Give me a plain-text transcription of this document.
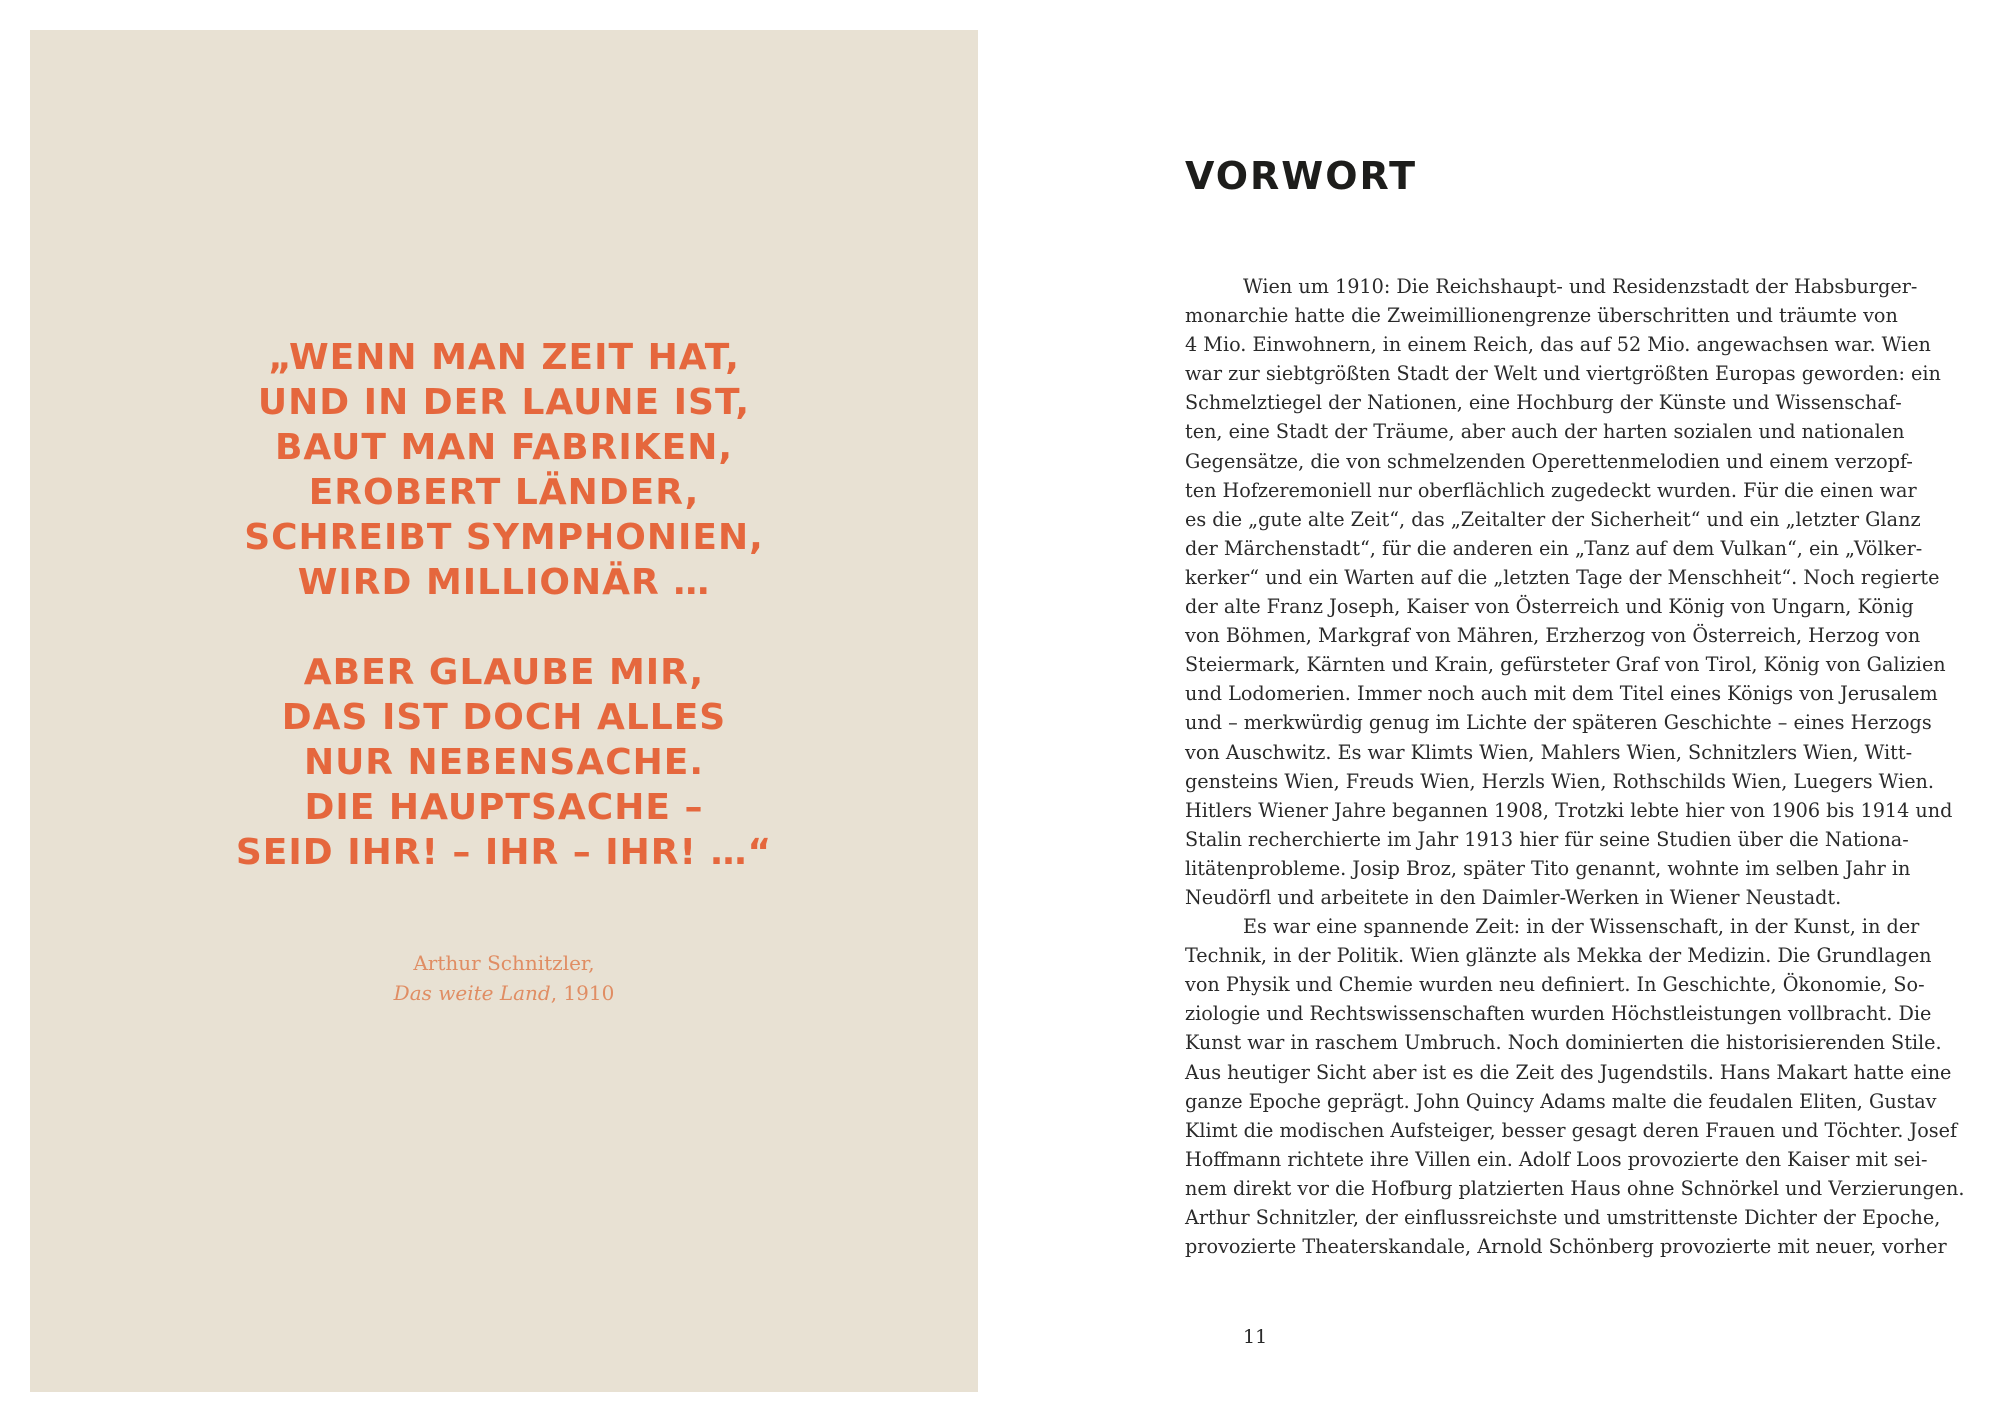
„WENN MAN ZEIT HAT,
UND IN DER LAUNE IST,
BAUT MAN FABRIKEN,
EROBERT LÄNDER,
SCHREIBT SYMPHONIEN,
WIRD MILLIONÄR …

ABER GLAUBE MIR,
DAS IST DOCH ALLES
NUR NEBENSACHE.
DIE HAUPTSACHE –
SEID IHR! – IHR – IHR! …“

Arthur Schnitzler,
Das weite Land, 1910
VORWORT
Wien um 1910: Die Reichshaupt- und Residenzstadt der Habsburger-
monarchie hatte die Zweimillionengrenze überschritten und träumte von
4 Mio. Einwohnern, in einem Reich, das auf 52 Mio. angewachsen war. Wien
war zur siebtgrößten Stadt der Welt und viertgrößten Europas geworden: ein
Schmelztiegel der Nationen, eine Hochburg der Künste und Wissenschaf-
ten, eine Stadt der Träume, aber auch der harten sozialen und nationalen
Gegensätze, die von schmelzenden Operettenmelodien und einem verzopf-
ten Hofzeremoniell nur oberflächlich zugedeckt wurden. Für die einen war
es die „gute alte Zeit“, das „Zeitalter der Sicherheit“ und ein „letzter Glanz
der Märchenstadt“, für die anderen ein „Tanz auf dem Vulkan“, ein „Völker-
kerker“ und ein Warten auf die „letzten Tage der Menschheit“. Noch regierte
der alte Franz Joseph, Kaiser von Österreich und König von Ungarn, König
von Böhmen, Markgraf von Mähren, Erzherzog von Österreich, Herzog von
Steiermark, Kärnten und Krain, gefürsteter Graf von Tirol, König von Galizien
und Lodomerien. Immer noch auch mit dem Titel eines Königs von Jerusalem
und – merkwürdig genug im Lichte der späteren Geschichte – eines Herzogs
von Auschwitz. Es war Klimts Wien, Mahlers Wien, Schnitzlers Wien, Witt-
gensteins Wien, Freuds Wien, Herzls Wien, Rothschilds Wien, Luegers Wien.
Hitlers Wiener Jahre begannen 1908, Trotzki lebte hier von 1906 bis 1914 und
Stalin recherchierte im Jahr 1913 hier für seine Studien über die Nationa-
litätenprobleme. Josip Broz, später Tito genannt, wohnte im selben Jahr in
Neudörfl und arbeitete in den Daimler-Werken in Wiener Neustadt.
Es war eine spannende Zeit: in der Wissenschaft, in der Kunst, in der
Technik, in der Politik. Wien glänzte als Mekka der Medizin. Die Grundlagen
von Physik und Chemie wurden neu definiert. In Geschichte, Ökonomie, So-
ziologie und Rechtswissenschaften wurden Höchstleistungen vollbracht. Die
Kunst war in raschem Umbruch. Noch dominierten die historisierenden Stile.
Aus heutiger Sicht aber ist es die Zeit des Jugendstils. Hans Makart hatte eine
ganze Epoche geprägt. John Quincy Adams malte die feudalen Eliten, Gustav
Klimt die modischen Aufsteiger, besser gesagt deren Frauen und Töchter. Josef
Hoffmann richtete ihre Villen ein. Adolf Loos provozierte den Kaiser mit sei-
nem direkt vor die Hofburg platzierten Haus ohne Schnörkel und Verzierungen.
Arthur Schnitzler, der einflussreichste und umstrittenste Dichter der Epoche,
provozierte Theaterskandale, Arnold Schönberg provozierte mit neuer, vorher
11
